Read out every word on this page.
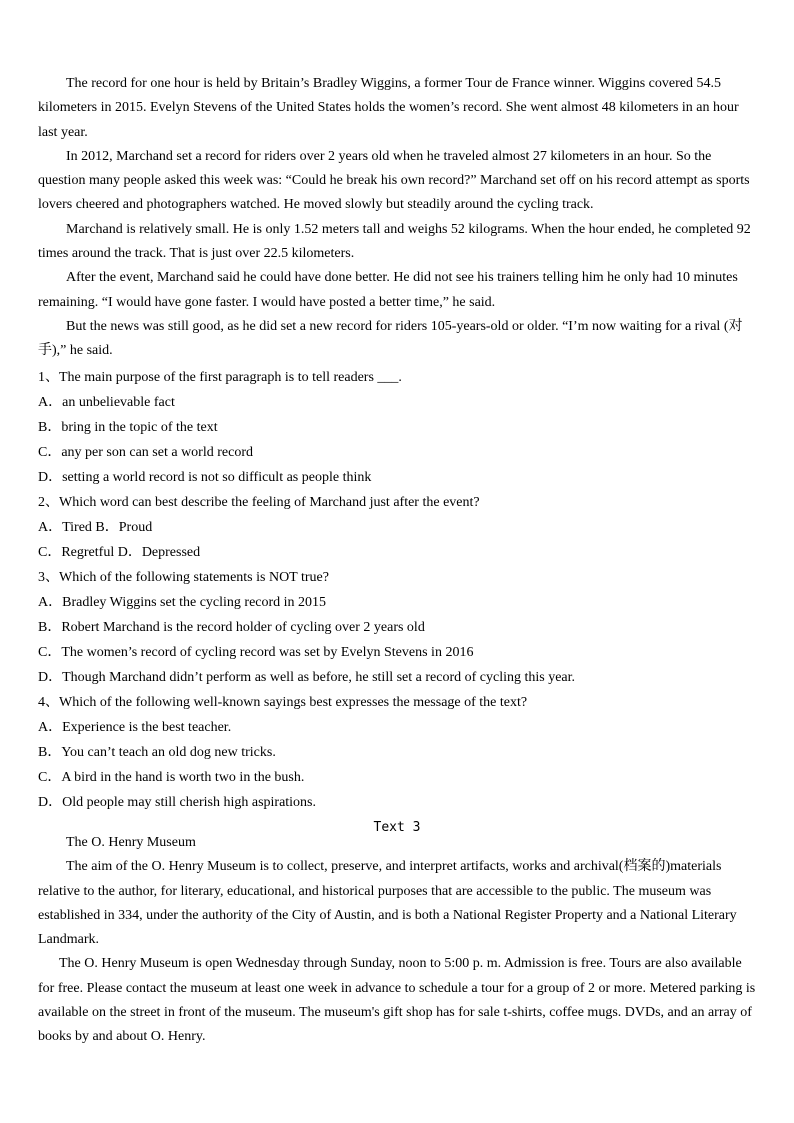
The record for one hour is held by Britain’s Bradley Wiggins, a former Tour de France winner. Wiggins covered 54.5
kilometers in 2015. Evelyn Stevens of the United States holds the women’s record. She went almost 48 kilometers in an hour
last year.
In 2012, Marchand set a record for riders over 2 years old when he traveled almost 27 kilometers in an hour. So the
question many people asked this week was: “Could he break his own record?” Marchand set off on his record attempt as sports
lovers cheered and photographers watched. He moved slowly but steadily around the cycling track.
Marchand is relatively small. He is only 1.52 meters tall and weighs 52 kilograms. When the hour ended, he completed 92
times around the track. That is just over 22.5 kilometers.
After the event, Marchand said he could have done better. He did not see his trainers telling him he only had 10 minutes
remaining. “I would have gone faster. I would have posted a better time,” he said.
But the news was still good, as he did set a new record for riders 105-years-old or older. “I’m now waiting for a rival (对
手),” he said.
1、The main purpose of the first paragraph is to tell readers ___.
A．an unbelievable fact
B．bring in the topic of the text
C．any per son can set a world record
D．setting a world record is not so difficult as people think
2、Which word can best describe the feeling of Marchand just after the event?
A．Tired B．Proud
C．Regretful D．Depressed
3、Which of the following statements is NOT true?
A．Bradley Wiggins set the cycling record in 2015
B．Robert Marchand is the record holder of cycling over 2 years old
C．The women’s record of cycling record was set by Evelyn Stevens in 2016
D．Though Marchand didn’t perform as well as before, he still set a record of cycling this year.
4、Which of the following well-known sayings best expresses the message of the text?
A．Experience is the best teacher.
B．You can’t teach an old dog new tricks.
C．A bird in the hand is worth two in the bush.
D．Old people may still cherish high aspirations.
Text 3
The O. Henry Museum
The aim of the O. Henry Museum is to collect, preserve, and interpret artifacts, works and archival(档案的)materials
relative to the author, for literary, educational, and historical purposes that are accessible to the public. The museum was
established in 334, under the authority of the City of Austin, and is both a National Register Property and a National Literary
Landmark.
The O. Henry Museum is open Wednesday through Sunday, noon to 5:00 p. m. Admission is free. Tours are also available
for free. Please contact the museum at least one week in advance to schedule a tour for a group of 2 or more. Metered parking is
available on the street in front of the museum. The museum's gift shop has for sale t-shirts, coffee mugs. DVDs, and an array of
books by and about O. Henry.
